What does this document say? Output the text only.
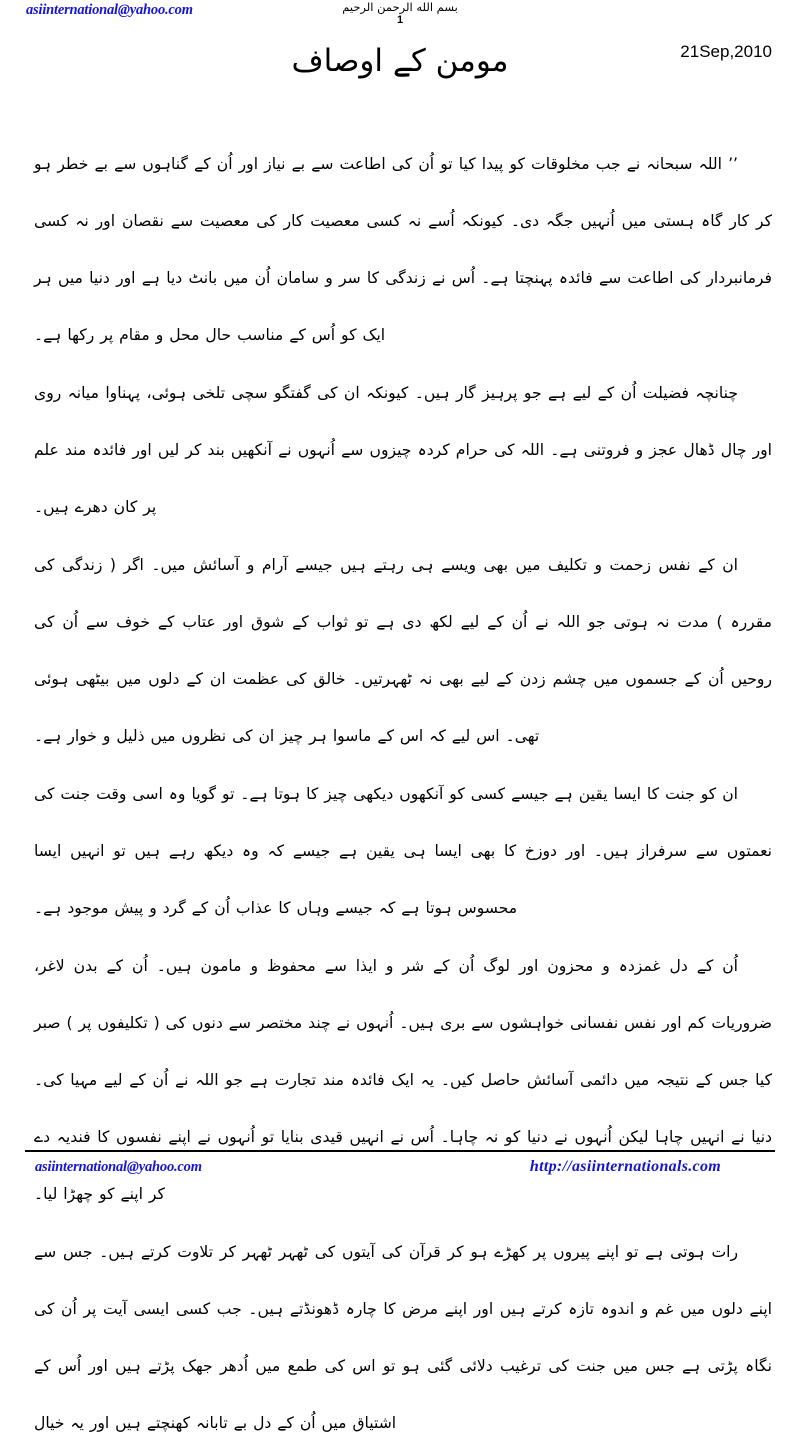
asiinternational@yahoo.com	بسم الله الرحمن الرحيم
1
مومن کے اوصاف	21Sep,2010

’’ اللہ سبحانہ نے جب مخلوقات کو پیدا کیا تو اُن کی اطاعت سے بے نیاز اور اُن کے گناہوں سے بے خطر ہو کر کار گاہ ہستی میں اُنہیں جگہ دی۔ کیونکہ اُسے نہ کسی معصیت کار کی معصیت سے نقصان اور نہ کسی فرمانبردار کی اطاعت سے فائدہ پہنچتا ہے۔ اُس نے زندگی کا سر و سامان اُن میں بانٹ دیا ہے اور دنیا میں ہر ایک کو اُس کے مناسب حال محل و مقام پر رکھا ہے۔

چنانچہ فضیلت اُن کے لیے ہے جو پرہیز گار ہیں۔ کیونکہ ان کی گفتگو سچی تلخی ہوئی، پہناوا میانہ روی اور چال ڈھال عجز و فروتنی ہے۔ اللہ کی حرام کردہ چیزوں سے اُنہوں نے آنکھیں بند کر لیں اور فائدہ مند علم پر کان دھرے ہیں۔

ان کے نفس زحمت و تکلیف میں بھی ویسے ہی رہتے ہیں جیسے آرام و آسائش میں۔ اگر ( زندگی کی مقررہ ) مدت نہ ہوتی جو اللہ نے اُن کے لیے لکھ دی ہے تو ثواب کے شوق اور عتاب کے خوف سے اُن کی روحیں اُن کے جسموں میں چشم زدن کے لیے بھی نہ ٹھہرتیں۔ خالق کی عظمت ان کے دلوں میں بیٹھی ہوئی تھی۔ اس لیے کہ اس کے ماسوا ہر چیز ان کی نظروں میں ذلیل و خوار ہے۔

ان کو جنت کا ایسا یقین ہے جیسے کسی کو آنکھوں دیکھی چیز کا ہوتا ہے۔ تو گویا وہ اسی وقت جنت کی نعمتوں سے سرفراز ہیں۔ اور دوزخ کا بھی ایسا ہی یقین ہے جیسے کہ وہ دیکھ رہے ہیں تو انہیں ایسا محسوس ہوتا ہے کہ جیسے وہاں کا عذاب اُن کے گرد و پیش موجود ہے۔

اُن کے دل غمزدہ و محزون اور لوگ اُن کے شر و ایذا سے محفوظ و مامون ہیں۔ اُن کے بدن لاغر، ضروریات کم اور نفس نفسانی خواہشوں سے بری ہیں۔ اُنہوں نے چند مختصر سے دنوں کی ( تکلیفوں پر ) صبر کیا جس کے نتیجہ میں دائمی آسائش حاصل کیں۔ یہ ایک فائدہ مند تجارت ہے جو اللہ نے اُن کے لیے مہیا کی۔ دنیا نے انہیں چاہا لیکن اُنہوں نے دنیا کو نہ چاہا۔ اُس نے انہیں قیدی بنایا تو اُنہوں نے اپنے نفسوں کا فندیہ دے کر اپنے کو چھڑا لیا۔

رات ہوتی ہے تو اپنے پیروں پر کھڑے ہو کر قرآن کی آیتوں کی ٹھہر ٹھہر کر تلاوت کرتے ہیں۔ جس سے اپنے دلوں میں غم و اندوہ تازہ کرتے ہیں اور اپنے مرض کا چارہ ڈھونڈتے ہیں۔ جب کسی ایسی آیت پر اُن کی نگاہ پڑتی ہے جس میں جنت کی ترغیب دلائی گئی ہو تو اس کی طمع میں اُدھر جھک پڑتے ہیں اور اُس کے اشتیاق میں اُن کے دل بے تابانہ کھنچتے ہیں اور یہ خیال

asiinternational@yahoo.com	http://asiinternationals.com
